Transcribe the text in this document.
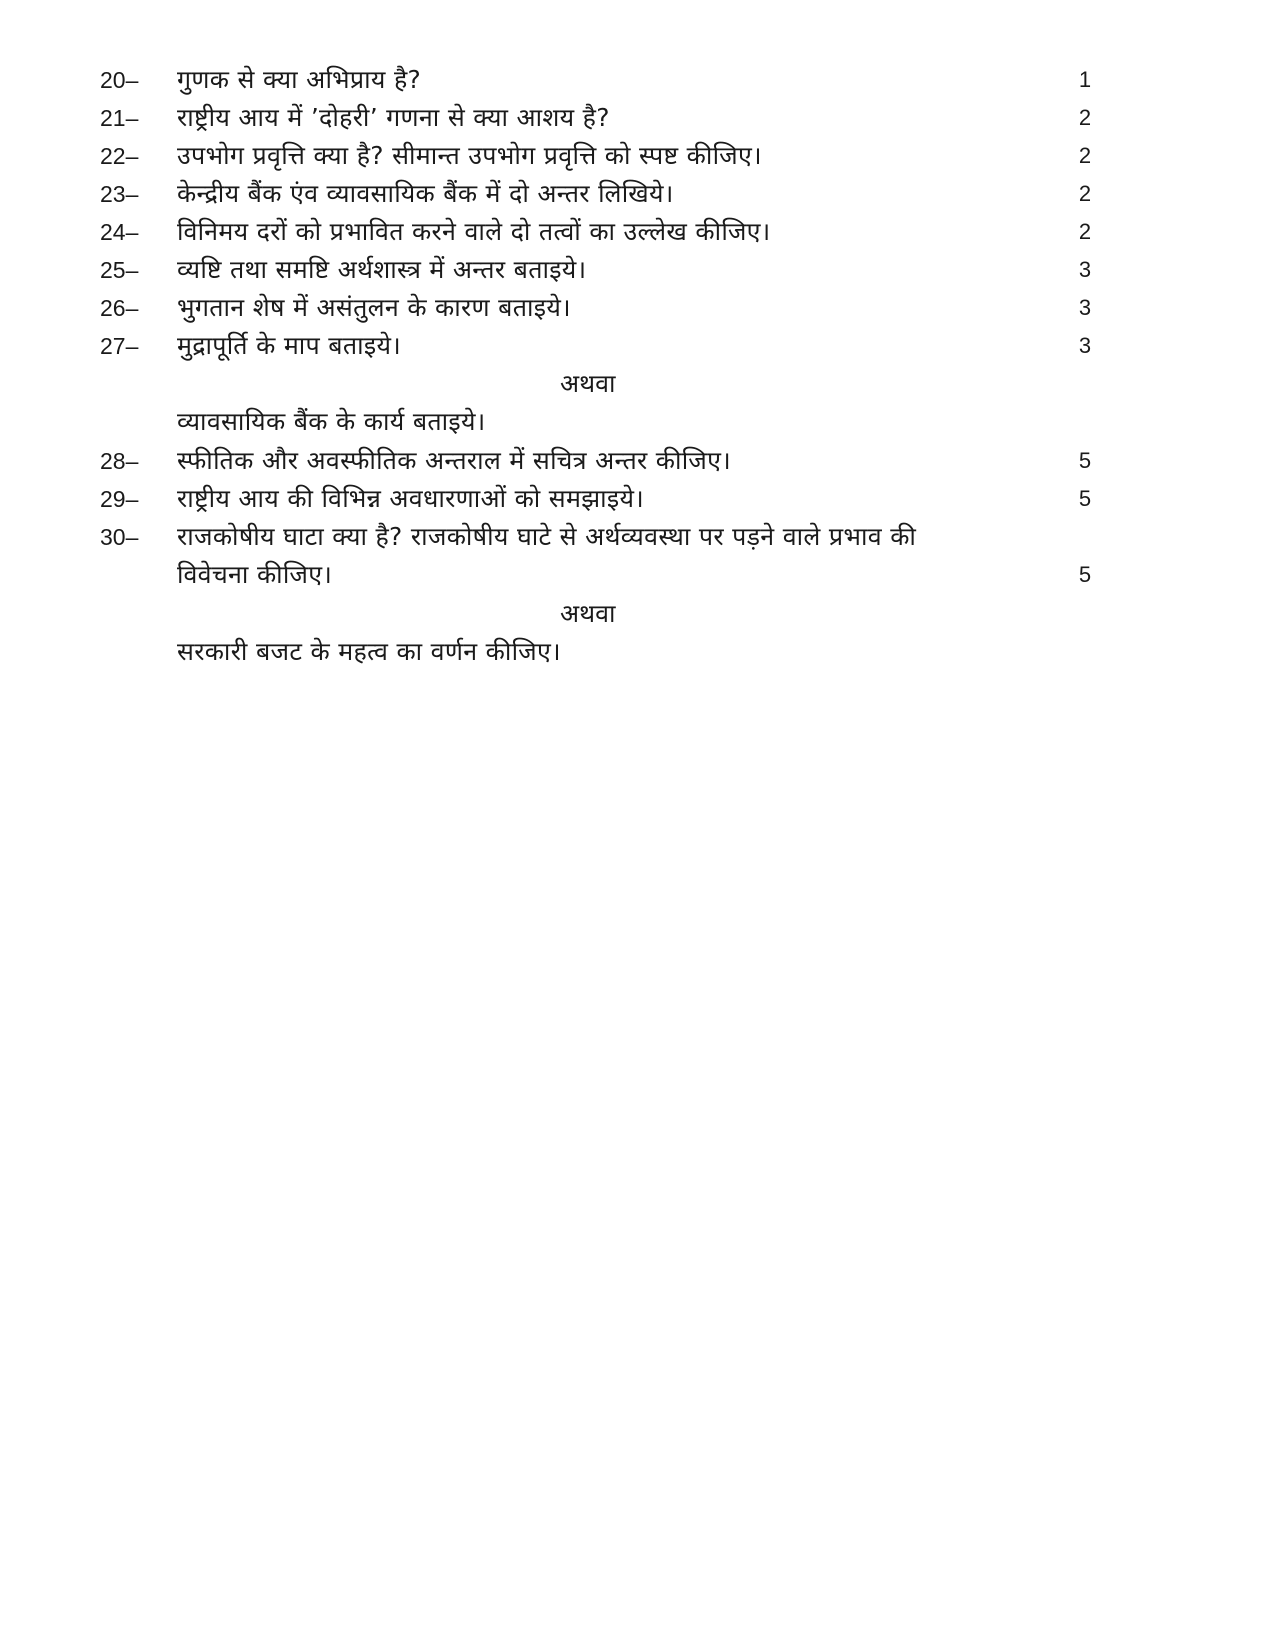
20– गुणक से क्या अभिप्राय है?	1
21– राष्ट्रीय आय में ’दोहरी’ गणना से क्या आशय है?	2
22– उपभोग प्रवृत्ति क्या है? सीमान्त उपभोग प्रवृत्ति को स्पष्ट कीजिए।	2
23– केन्द्रीय बैंक एंव व्यावसायिक बैंक में दो अन्तर लिखिये।	2
24– विनिमय दरों को प्रभावित करने वाले दो तत्वों का उल्लेख कीजिए।	2
25– व्यष्टि तथा समष्टि अर्थशास्त्र में अन्तर बताइये।	3
26– भुगतान शेष में असंतुलन के कारण बताइये।	3
27– मुद्रापूर्ति के माप बताइये।	3
अथवा
व्यावसायिक बैंक के कार्य बताइये।
28– स्फीतिक और अवस्फीतिक अन्तराल में सचित्र अन्तर कीजिए।	5
29– राष्ट्रीय आय की विभिन्न अवधारणाओं को समझाइये।	5
30– राजकोषीय घाटा क्या है? राजकोषीय घाटे से अर्थव्यवस्था पर पड़ने वाले प्रभाव की
विवेचना कीजिए।	5
अथवा
सरकारी बजट के महत्व का वर्णन कीजिए।
